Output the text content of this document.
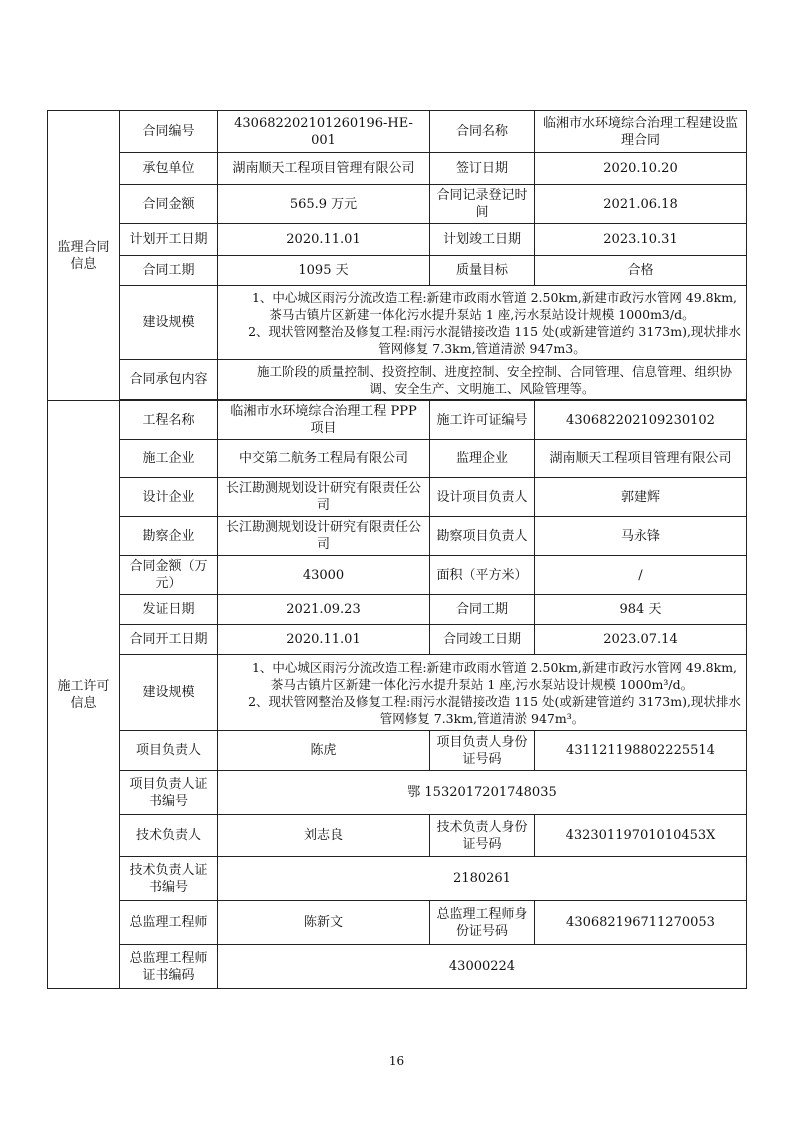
监理合同信息	合同编号	430682202101260196-HE-001	合同名称	临湘市水环境综合治理工程建设监理合同
	承包单位	湖南顺天工程项目管理有限公司	签订日期	2020.10.20
	合同金额	565.9 万元	合同记录登记时间	2021.06.18
	计划开工日期	2020.11.01	计划竣工日期	2023.10.31
	合同工期	1095 天	质量目标	合格
	建设规模	1、中心城区雨污分流改造工程:新建市政雨水管道 2.50km,新建市政污水管网 49.8km,茶马古镇片区新建一体化污水提升泵站 1 座,污水泵站设计规模 1000m3/d。

2、现状管网整治及修复工程:雨污水混错接改造 115 处(或新建管道约 3173m),现状排水管网修复 7.3km,管道清淤 947m3。		

	合同承包内容	施工阶段的质量控制、投资控制、进度控制、安全控制、合同管理、信息管理、组织协调、安全生产、文明施工、风险管理等。		

施工许可信息	工程名称	临湘市水环境综合治理工程 PPP 项目	施工许可证编号	430682202109230102
	施工企业	中交第二航务工程局有限公司	监理企业	湖南顺天工程项目管理有限公司
	设计企业	长江勘测规划设计研究有限责任公司	设计项目负责人	郭建辉
	勘察企业	长江勘测规划设计研究有限责任公司	勘察项目负责人	马永锋
	合同金额（万元）	43000	面积（平方米）	/
	发证日期	2021.09.23	合同工期	984 天
	合同开工日期	2020.11.01	合同竣工日期	2023.07.14
	建设规模	1、中心城区雨污分流改造工程:新建市政雨水管道 2.50km,新建市政污水管网 49.8km,茶马古镇片区新建一体化污水提升泵站 1 座,污水泵站设计规模 1000m³/d。

2、现状管网整治及修复工程:雨污水混错接改造 115 处(或新建管道约 3173m),现状排水管网修复 7.3km,管道清淤 947m³。		

	项目负责人	陈虎	项目负责人身份证号码	431121198802225514
	项目负责人证书编号	鄂 1532017201748035		
	技术负责人	刘志良	技术负责人身份证号码	43230119701010453X
	技术负责人证书编号	2180261		
	总监理工程师	陈新文	总监理工程师身份证号码	430682196711270053
	总监理工程师证书编码	43000224		
16
